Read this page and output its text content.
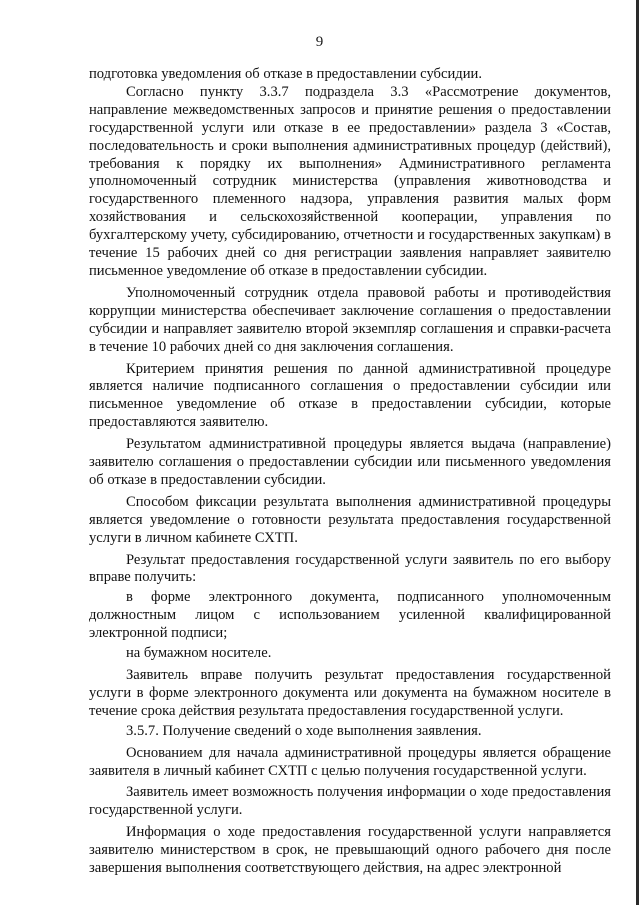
9

подготовка уведомления об отказе в предоставлении субсидии.

Согласно пункту 3.3.7 подраздела 3.3 «Рассмотрение документов, направление межведомственных запросов и принятие решения о предоставлении государственной услуги или отказе в ее предоставлении» раздела 3 «Состав, последовательность и сроки выполнения административных процедур (действий), требования к порядку их выполнения» Административного регламента уполномоченный сотрудник министерства (управления животноводства и государственного племенного надзора, управления развития малых форм хозяйствования и сельскохозяйственной кооперации, управления по бухгалтерскому учету, субсидированию, отчетности и государственных закупкам) в течение 15 рабочих дней со дня регистрации заявления направляет заявителю письменное уведомление об отказе в предоставлении субсидии.

Уполномоченный сотрудник отдела правовой работы и противодействия коррупции министерства обеспечивает заключение соглашения о предоставлении субсидии и направляет заявителю второй экземпляр соглашения и справки-расчета в течение 10 рабочих дней со дня заключения соглашения.

Критерием принятия решения по данной административной процедуре является наличие подписанного соглашения о предоставлении субсидии или письменное уведомление об отказе в предоставлении субсидии, которые предоставляются заявителю.

Результатом административной процедуры является выдача (направление) заявителю соглашения о предоставлении субсидии или письменного уведомления об отказе в предоставлении субсидии.

Способом фиксации результата выполнения административной процедуры является уведомление о готовности результата предоставления государственной услуги в личном кабинете СХТП.

Результат предоставления государственной услуги заявитель по его выбору вправе получить:

в форме электронного документа, подписанного уполномоченным должностным лицом с использованием усиленной квалифицированной электронной подписи;

на бумажном носителе.

Заявитель вправе получить результат предоставления государственной услуги в форме электронного документа или документа на бумажном носителе в течение срока действия результата предоставления государственной услуги.

3.5.7. Получение сведений о ходе выполнения заявления.

Основанием для начала административной процедуры является обращение заявителя в личный кабинет СХТП с целью получения государственной услуги.

Заявитель имеет возможность получения информации о ходе предоставления государственной услуги.

Информация о ходе предоставления государственной услуги направляется заявителю министерством в срок, не превышающий одного рабочего дня после завершения выполнения соответствующего действия, на адрес электронной
